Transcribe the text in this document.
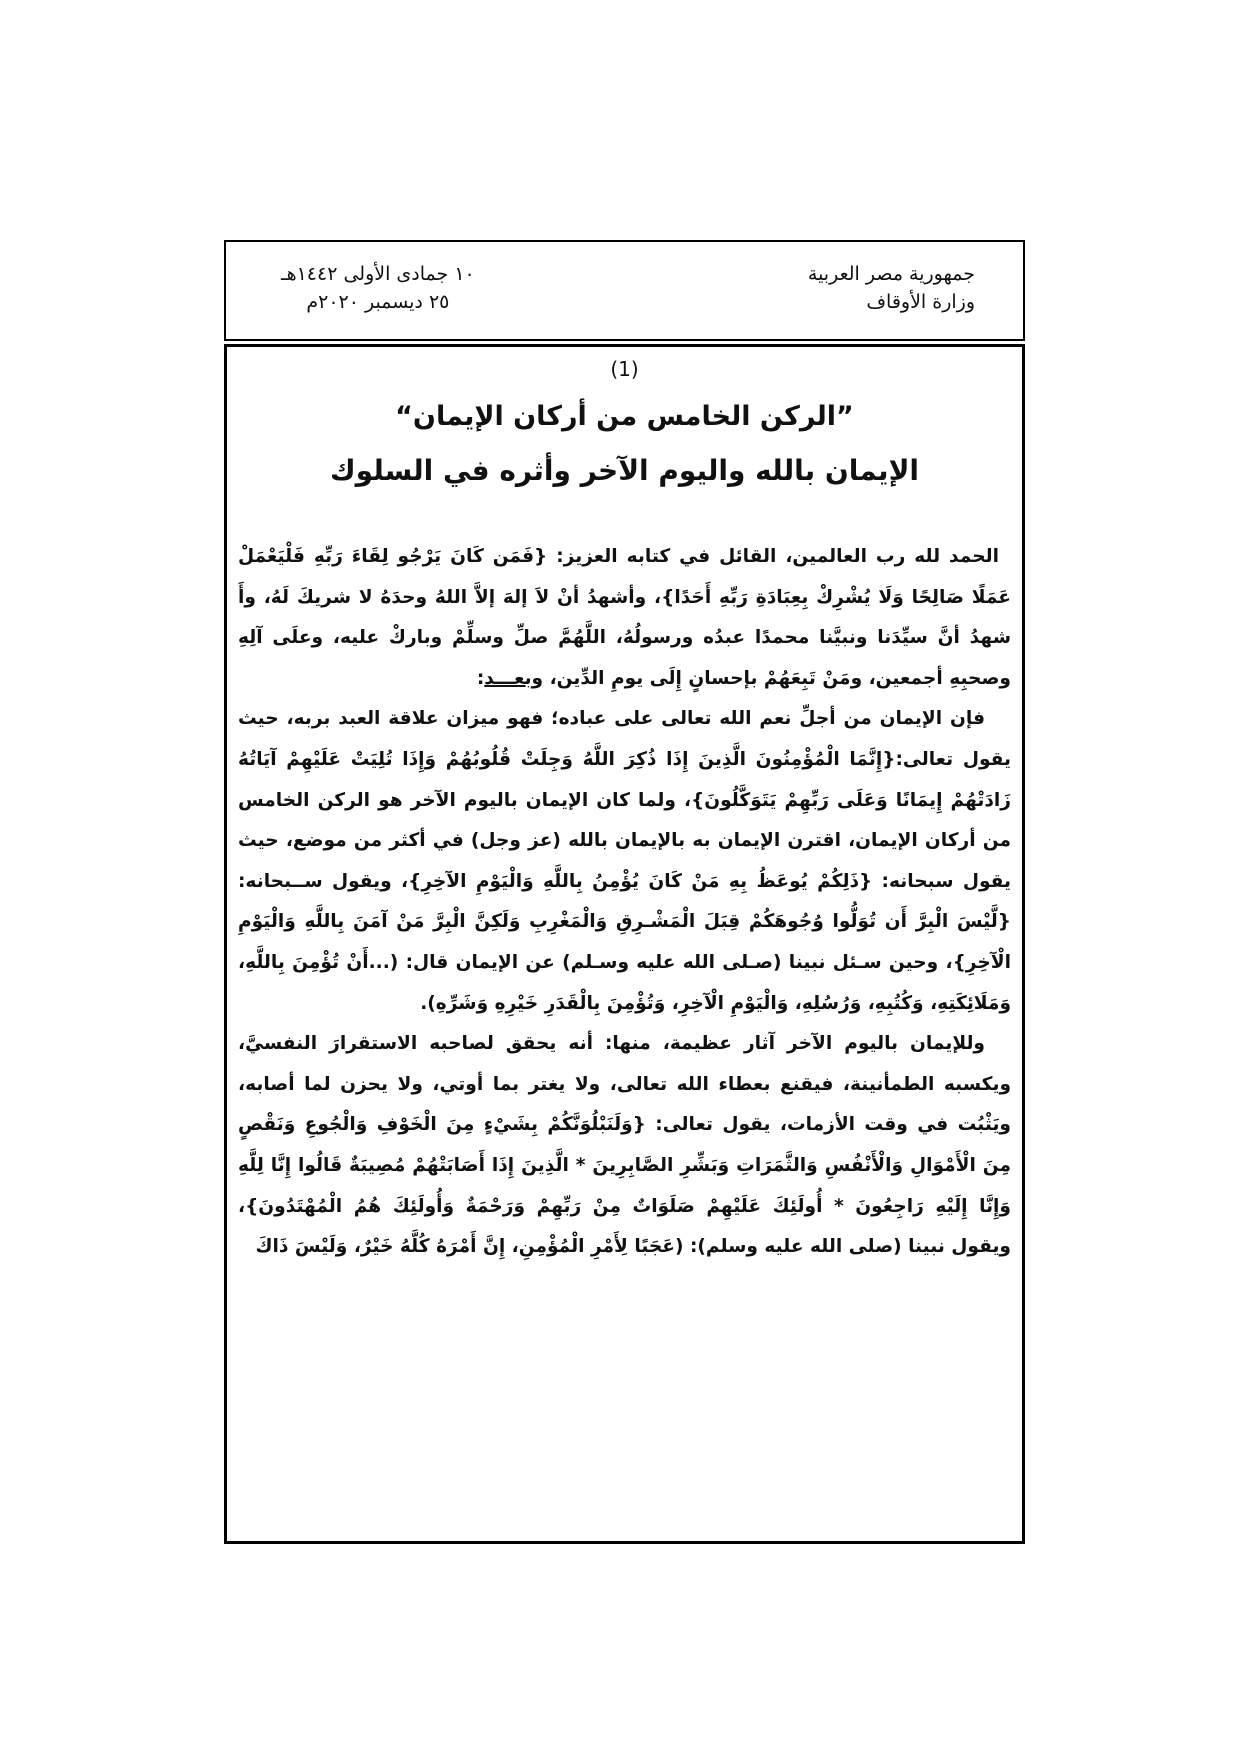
جمهورية مصر العربية
وزارة الأوقاف
١٠ جمادى الأولى ١٤٤٢هـ
٢٥ ديسمبر ٢٠٢٠م
(1)
”الركن الخامس من أركان الإيمان“
الإيمان بالله واليوم الآخر وأثره في السلوك

الحمد لله رب العالمين، القائل في كتابه العزيز: {فَمَن كَانَ يَرْجُو لِقَاءَ رَبِّهِ فَلْيَعْمَلْ عَمَلًا صَالِحًا وَلَا يُشْرِكْ بِعِبَادَةِ رَبِّهِ أَحَدًا}، وأشهدُ أنْ لاَ إلهَ إلاَّ اللهُ وحدَهُ لا شريكَ لَهُ، وأَ شهدُ أنَّ سيِّدَنا ونبيَّنا محمدًا عبدُه ورسولُهُ، اللَّهُمَّ صلِّ وسلِّمْ وباركْ عليه، وعلَى آلِهِ وصحبِهِ أجمعين، ومَنْ تَبِعَهُمْ بإحسانٍ إِلَى يومِ الدِّين، وبعـــد:

فإن الإيمان من أجلِّ نعم الله تعالى على عباده؛ فهو ميزان علاقة العبد بربه، حيث يقول تعالى:{إِنَّمَا الْمُؤْمِنُونَ الَّذِينَ إِذَا ذُكِرَ اللَّهُ وَجِلَتْ قُلُوبُهُمْ وَإِذَا تُلِيَتْ عَلَيْهِمْ آيَاتُهُ زَادَتْهُمْ إِيمَانًا وَعَلَى رَبِّهِمْ يَتَوَكَّلُونَ}، ولما كان الإيمان باليوم الآخر هو الركن الخامس من أركان الإيمان، اقترن الإيمان به بالإيمان بالله (عز وجل) في أكثر من موضع، حيث يقول سبحانه: {ذَلِكُمْ يُوعَظُ بِهِ مَنْ كَانَ يُؤْمِنُ بِاللَّهِ وَالْيَوْمِ الآخِرِ}، ويقول ســبحانه: {لَّيْسَ الْبِرَّ أَن تُوَلُّوا وُجُوهَكُمْ قِبَلَ الْمَشْـرِقِ وَالْمَغْرِبِ وَلَكِنَّ الْبِرَّ مَنْ آمَنَ بِاللَّهِ وَالْيَوْمِ الْآخِرِ}، وحين سـئل نبينا (صـلى الله عليه وسـلم) عن الإيمان قال: (...أَنْ تُؤْمِنَ بِاللَّهِ، وَمَلَائِكَتِهِ، وَكُتُبِهِ، وَرُسُلِهِ، وَالْيَوْمِ الْآخِرِ، وَتُؤْمِنَ بِالْقَدَرِ خَيْرِهِ وَشَرِّهِ).

وللإيمان باليوم الآخر آثار عظيمة، منها: أنه يحقق لصاحبه الاستقرارَ النفسيَّ، ويكسبه الطمأنينة، فيقنع بعطاء الله تعالى، ولا يغتر بما أوتي، ولا يحزن لما أصابه، ويَثْبُت في وقت الأزمات، يقول تعالى: {وَلَنَبْلُوَنَّكُمْ بِشَيْءٍ مِنَ الْخَوْفِ وَالْجُوعِ وَنَقْصٍ مِنَ الْأَمْوَالِ وَالْأَنْفُسِ وَالثَّمَرَاتِ وَبَشِّرِ الصَّابِرِينَ * الَّذِينَ إِذَا أَصَابَتْهُمْ مُصِيبَةٌ قَالُوا إِنَّا لِلَّهِ وَإِنَّا إِلَيْهِ رَاجِعُونَ * أُولَئِكَ عَلَيْهِمْ صَلَوَاتٌ مِنْ رَبِّهِمْ وَرَحْمَةٌ وَأُولَئِكَ هُمُ الْمُهْتَدُونَ}، ويقول نبينا (صلى الله عليه وسلم): (عَجَبًا لِأَمْرِ الْمُؤْمِنِ، إِنَّ أَمْرَهُ كُلَّهُ خَيْرٌ، وَلَيْسَ ذَاكَ
